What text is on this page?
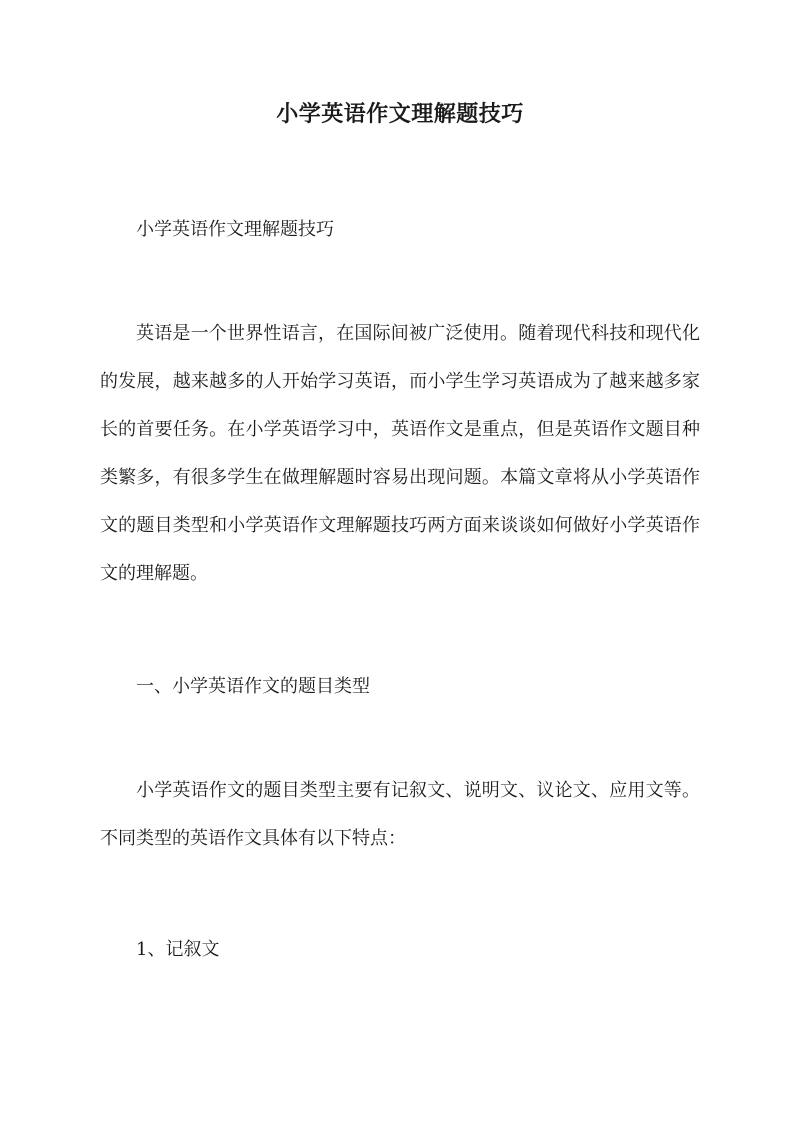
小学英语作文理解题技巧
小学英语作文理解题技巧
英语是一个世界性语言，在国际间被广泛使用。随着现代科技和现代化的发展，越来越多的人开始学习英语，而小学生学习英语成为了越来越多家长的首要任务。在小学英语学习中，英语作文是重点，但是英语作文题目种类繁多，有很多学生在做理解题时容易出现问题。本篇文章将从小学英语作文的题目类型和小学英语作文理解题技巧两方面来谈谈如何做好小学英语作文的理解题。
一、小学英语作文的题目类型
小学英语作文的题目类型主要有记叙文、说明文、议论文、应用文等。不同类型的英语作文具体有以下特点：
1、记叙文
